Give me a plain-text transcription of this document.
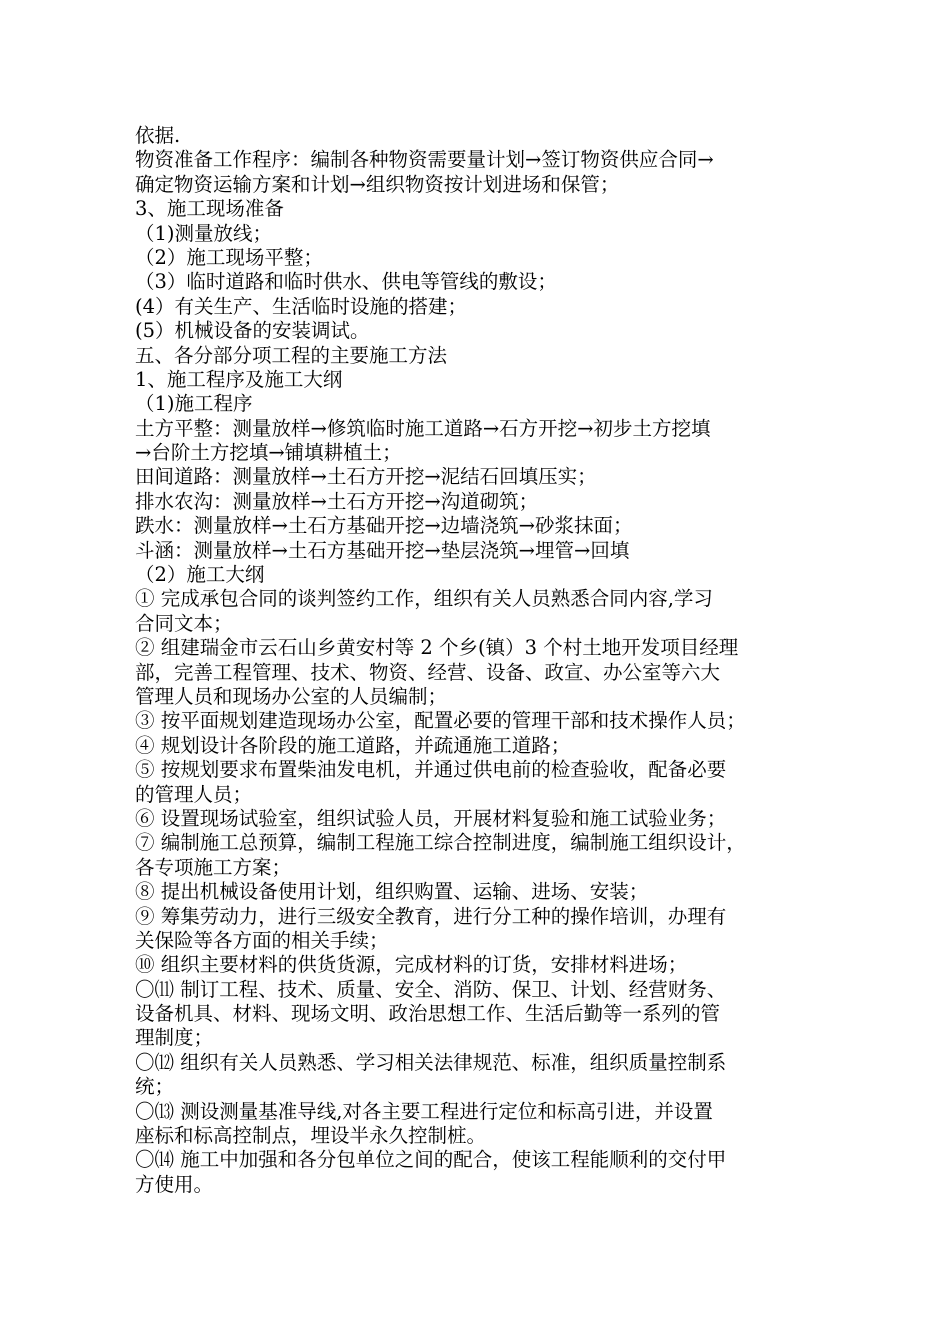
依据.
物资准备工作程序：编制各种物资需要量计划→签订物资供应合同→
确定物资运输方案和计划→组织物资按计划进场和保管；
3、施工现场准备
（1)测量放线；
（2）施工现场平整；
（3）临时道路和临时供水、供电等管线的敷设；
(4）有关生产、生活临时设施的搭建；
(5）机械设备的安装调试。
五、各分部分项工程的主要施工方法
1、施工程序及施工大纲
（1)施工程序
土方平整：测量放样→修筑临时施工道路→石方开挖→初步土方挖填
→台阶土方挖填→铺填耕植土；
田间道路：测量放样→土石方开挖→泥结石回填压实；
排水农沟：测量放样→土石方开挖→沟道砌筑；
跌水：测量放样→土石方基础开挖→边墙浇筑→砂浆抹面；
斗涵：测量放样→土石方基础开挖→垫层浇筑→埋管→回填
（2）施工大纲
① 完成承包合同的谈判签约工作，组织有关人员熟悉合同内容,学习
合同文本；
② 组建瑞金市云石山乡黄安村等 2 个乡(镇）3 个村土地开发项目经理
部，完善工程管理、技术、物资、经营、设备、政宣、办公室等六大
管理人员和现场办公室的人员编制；
③ 按平面规划建造现场办公室，配置必要的管理干部和技术操作人员；
④ 规划设计各阶段的施工道路，并疏通施工道路；
⑤ 按规划要求布置柴油发电机，并通过供电前的检查验收，配备必要
的管理人员；
⑥ 设置现场试验室，组织试验人员，开展材料复验和施工试验业务；
⑦ 编制施工总预算，编制工程施工综合控制进度，编制施工组织设计，
各专项施工方案；
⑧ 提出机械设备使用计划，组织购置、运输、进场、安装；
⑨ 筹集劳动力，进行三级安全教育，进行分工种的操作培训，办理有
关保险等各方面的相关手续；
⑩ 组织主要材料的供货货源，完成材料的订货，安排材料进场；
〇⑾ 制订工程、技术、质量、安全、消防、保卫、计划、经营财务、
设备机具、材料、现场文明、政治思想工作、生活后勤等一系列的管
理制度；
〇⑿ 组织有关人员熟悉、学习相关法律规范、标准，组织质量控制系
统；
〇⒀ 测设测量基准导线,对各主要工程进行定位和标高引进，并设置
座标和标高控制点，埋设半永久控制桩。
〇⒁ 施工中加强和各分包单位之间的配合，使该工程能顺利的交付甲
方使用。
